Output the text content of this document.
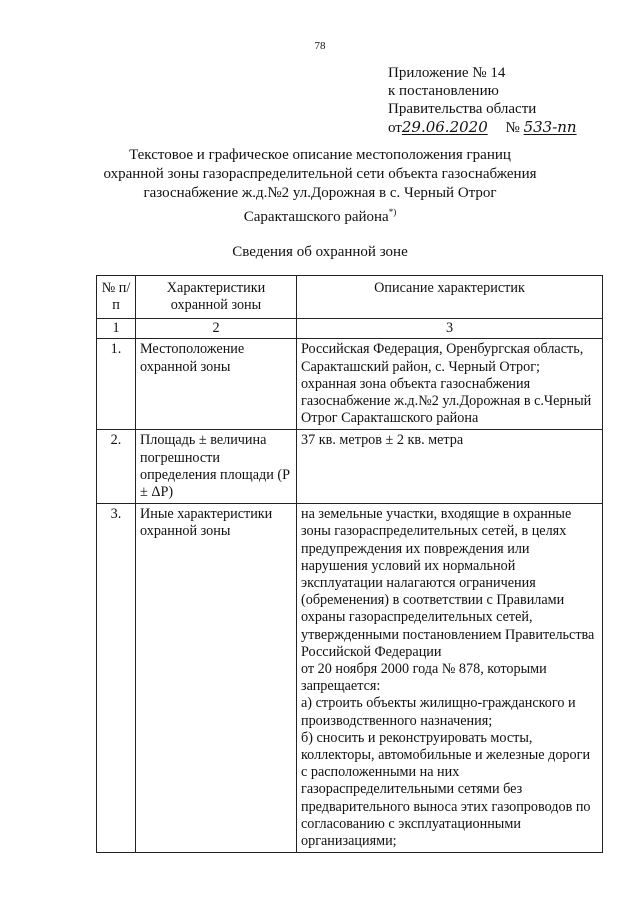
78
Приложение № 14
к постановлению
Правительства области
от29.06.2020 № 533-пп
Текстовое и графическое описание местоположения границ
охранной зоны газораспределительной сети объекта газоснабжения
газоснабжение ж.д.№2 ул.Дорожная в с. Черный Отрог
Саракташского района*)
Сведения об охранной зоне
№ п/п	Характеристики охранной зоны	Описание характеристик
1	2	3
1.	Местоположение охранной зоны	Российская Федерация, Оренбургская область, Саракташский район, с. Черный Отрог; охранная зона объекта газоснабжения газоснабжение ж.д.№2 ул.Дорожная в с.Черный Отрог Саракташского района
2.	Площадь ± величина погрешности определения площади (P ± ΔP)	37 кв. метров ± 2 кв. метра
3.	Иные характеристики охранной зоны	на земельные участки, входящие в охранные зоны газораспределительных сетей, в целях предупреждения их повреждения или нарушения условий их нормальной эксплуатации налагаются ограничения (обременения) в соответствии с Правилами охраны газораспределительных сетей, утвержденными постановлением Правительства Российской Федерации
от 20 ноября 2000 года № 878, которыми запрещается:
а) строить объекты жилищно-гражданского и производственного назначения;
б) сносить и реконструировать мосты, коллекторы, автомобильные и железные дороги с расположенными на них газораспределительными сетями без предварительного выноса этих газопроводов по согласованию с эксплуатационными организациями;
